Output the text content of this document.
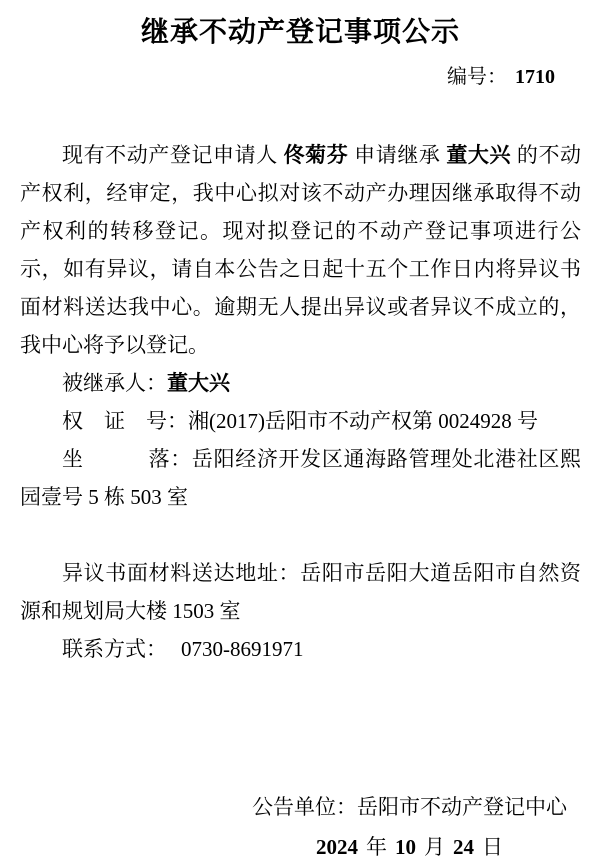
继承不动产登记事项公示
编号： 1710

现有不动产登记申请人 佟菊芬 申请继承 董大兴 的不动产权利，经审定，我中心拟对该不动产办理因继承取得不动产权利的转移登记。现对拟登记的不动产登记事项进行公示，如有异议，请自本公告之日起十五个工作日内将异议书面材料送达我中心。逾期无人提出异议或者异议不成立的，我中心将予以登记。

被继承人：董大兴
权　证　号：湘(2017)岳阳市不动产权第 0024928 号
坐　　　落：岳阳经济开发区通海路管理处北港社区熙园壹号 5 栋 503 室
异议书面材料送达地址：岳阳市岳阳大道岳阳市自然资源和规划局大楼 1503 室
联系方式： 0730-8691971
公告单位：岳阳市不动产登记中心
2024 年 10 月 24 日
